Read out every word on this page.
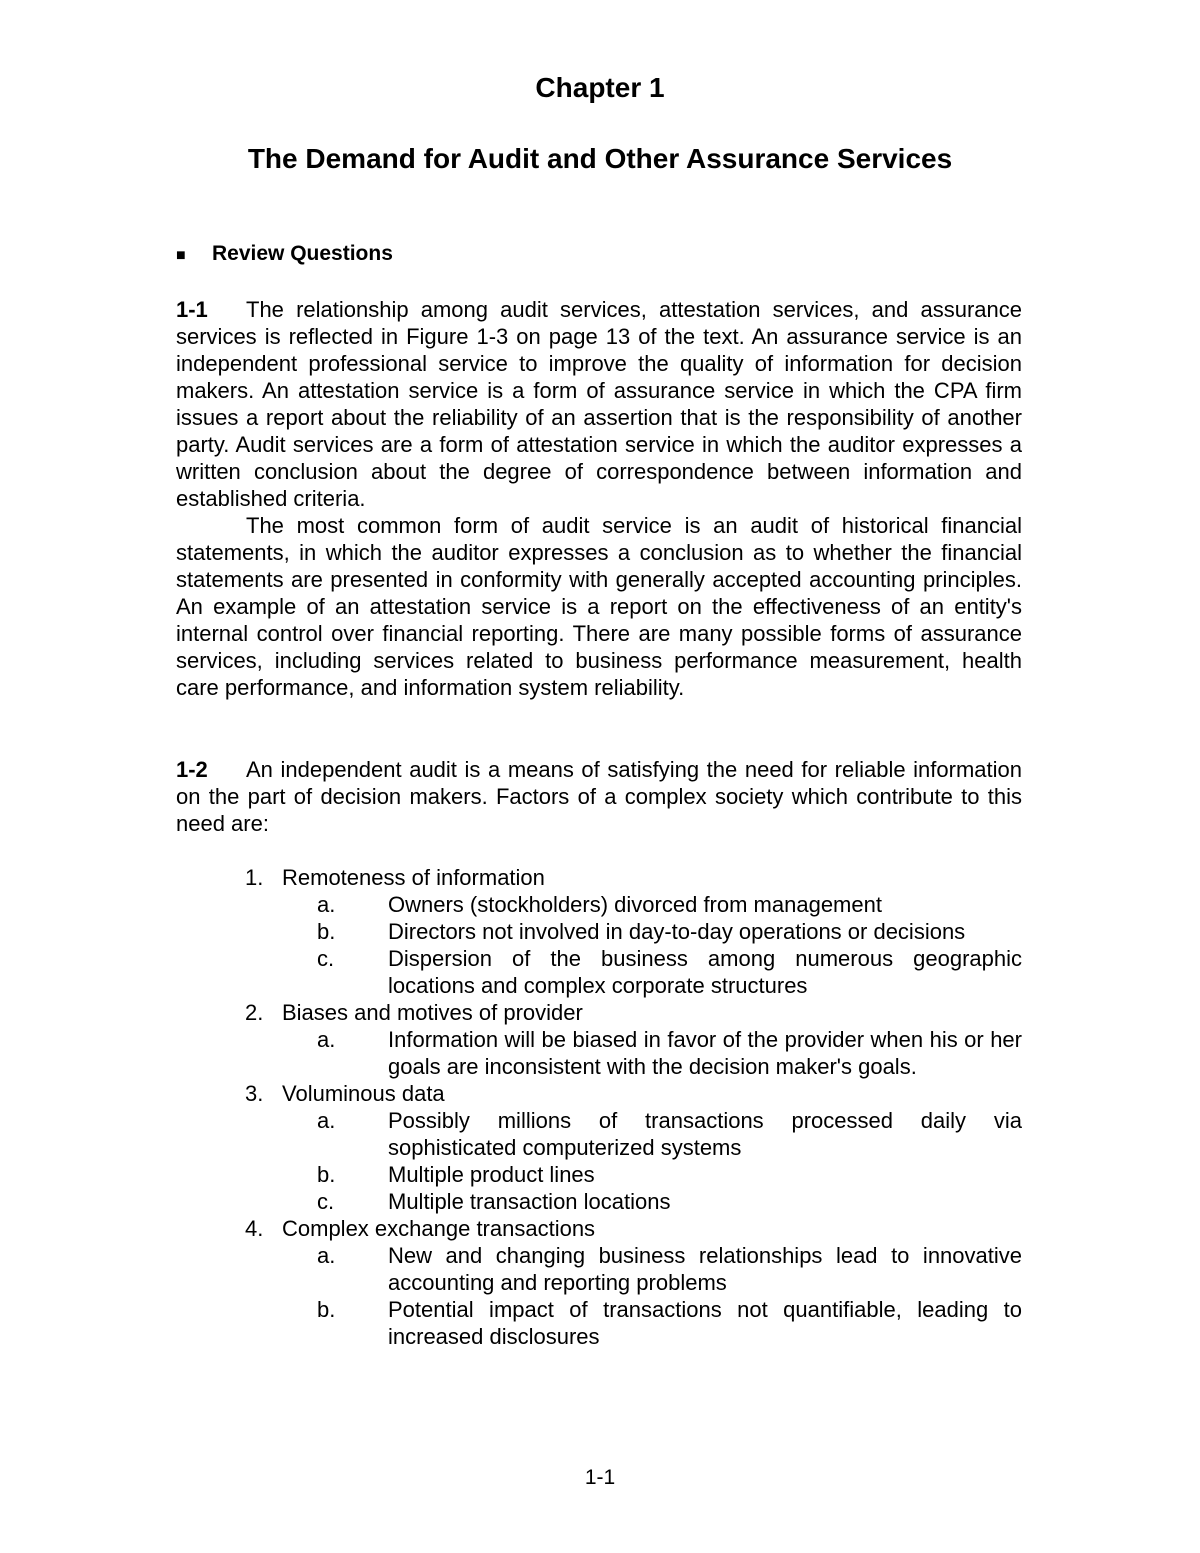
Chapter 1
The Demand for Audit and Other Assurance Services
■ Review Questions

1-1 The relationship among audit services, attestation services, and assurance services is reflected in Figure 1-3 on page 13 of the text. An assurance service is an independent professional service to improve the quality of information for decision makers. An attestation service is a form of assurance service in which the CPA firm issues a report about the reliability of an assertion that is the responsibility of another party. Audit services are a form of attestation service in which the auditor expresses a written conclusion about the degree of correspondence between information and established criteria.

The most common form of audit service is an audit of historical financial statements, in which the auditor expresses a conclusion as to whether the financial statements are presented in conformity with generally accepted accounting principles. An example of an attestation service is a report on the effectiveness of an entity's internal control over financial reporting. There are many possible forms of assurance services, including services related to business performance measurement, health care performance, and information system reliability.

1-2 An independent audit is a means of satisfying the need for reliable information on the part of decision makers. Factors of a complex society which contribute to this need are:

1. Remoteness of information
a. Owners (stockholders) divorced from management
b. Directors not involved in day-to-day operations or decisions
c. Dispersion of the business among numerous geographic locations and complex corporate structures
2. Biases and motives of provider
a. Information will be biased in favor of the provider when his or her goals are inconsistent with the decision maker's goals.
3. Voluminous data
a. Possibly millions of transactions processed daily via sophisticated computerized systems
b. Multiple product lines
c. Multiple transaction locations
4. Complex exchange transactions
a. New and changing business relationships lead to innovative accounting and reporting problems
b. Potential impact of transactions not quantifiable, leading to increased disclosures
1-1
